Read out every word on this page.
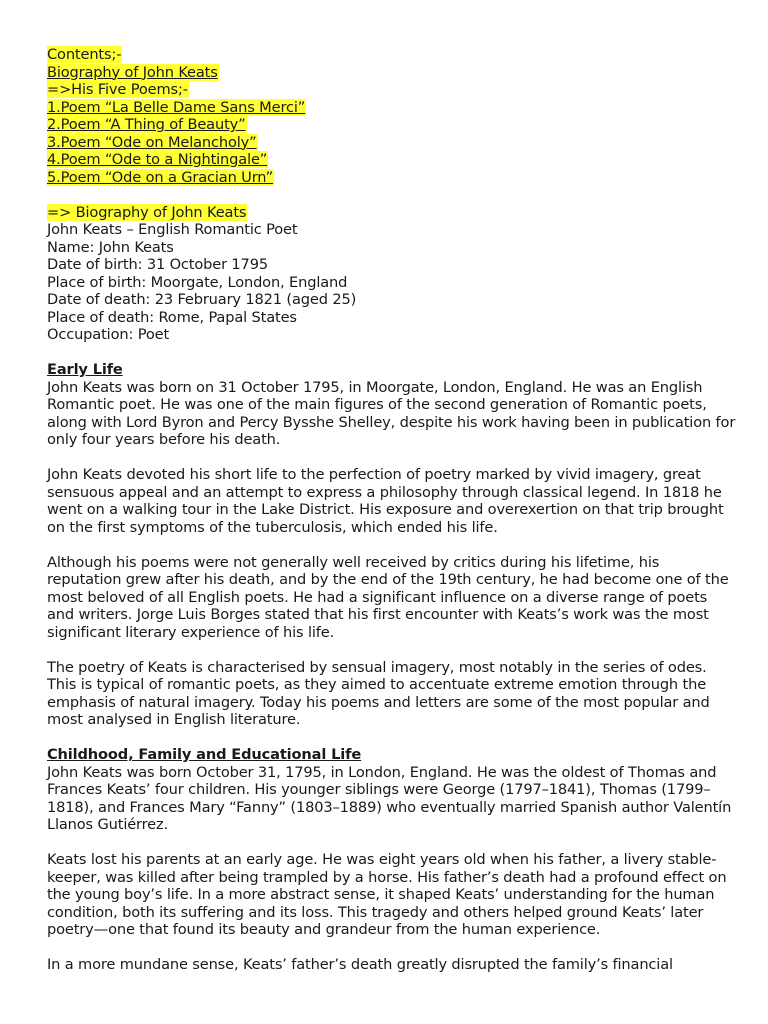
Contents;-
Biography of John Keats
=>His Five Poems;-
1.Poem “La Belle Dame Sans Merci”
2.Poem “A Thing of Beauty”
3.Poem “Ode on Melancholy”
4.Poem “Ode to a Nightingale”
5.Poem “Ode on a Gracian Urn”
=> Biography of John Keats
John Keats – English Romantic Poet
Name: John Keats
Date of birth: 31 October 1795
Place of birth: Moorgate, London, England
Date of death: 23 February 1821 (aged 25)
Place of death: Rome, Papal States
Occupation: Poet
Early Life

John Keats was born on 31 October 1795, in Moorgate, London, England. He was an English Romantic poet. He was one of the main figures of the second generation of Romantic poets, along with Lord Byron and Percy Bysshe Shelley, despite his work having been in publication for only four years before his death.

John Keats devoted his short life to the perfection of poetry marked by vivid imagery, great sensuous appeal and an attempt to express a philosophy through classical legend. In 1818 he went on a walking tour in the Lake District. His exposure and overexertion on that trip brought on the first symptoms of the tuberculosis, which ended his life.

Although his poems were not generally well received by critics during his lifetime, his reputation grew after his death, and by the end of the 19th century, he had become one of the most beloved of all English poets. He had a significant influence on a diverse range of poets and writers. Jorge Luis Borges stated that his first encounter with Keats’s work was the most significant literary experience of his life.

The poetry of Keats is characterised by sensual imagery, most notably in the series of odes. This is typical of romantic poets, as they aimed to accentuate extreme emotion through the emphasis of natural imagery. Today his poems and letters are some of the most popular and most analysed in English literature.

Childhood, Family and Educational Life

John Keats was born October 31, 1795, in London, England. He was the oldest of Thomas and Frances Keats’ four children. His younger siblings were George (1797–1841), Thomas (1799–1818), and Frances Mary “Fanny” (1803–1889) who eventually married Spanish author Valentín Llanos Gutiérrez.

Keats lost his parents at an early age. He was eight years old when his father, a livery stable-keeper, was killed after being trampled by a horse. His father’s death had a profound effect on the young boy’s life. In a more abstract sense, it shaped Keats’ understanding for the human condition, both its suffering and its loss. This tragedy and others helped ground Keats’ later poetry—one that found its beauty and grandeur from the human experience.

In a more mundane sense, Keats’ father’s death greatly disrupted the family’s financial
